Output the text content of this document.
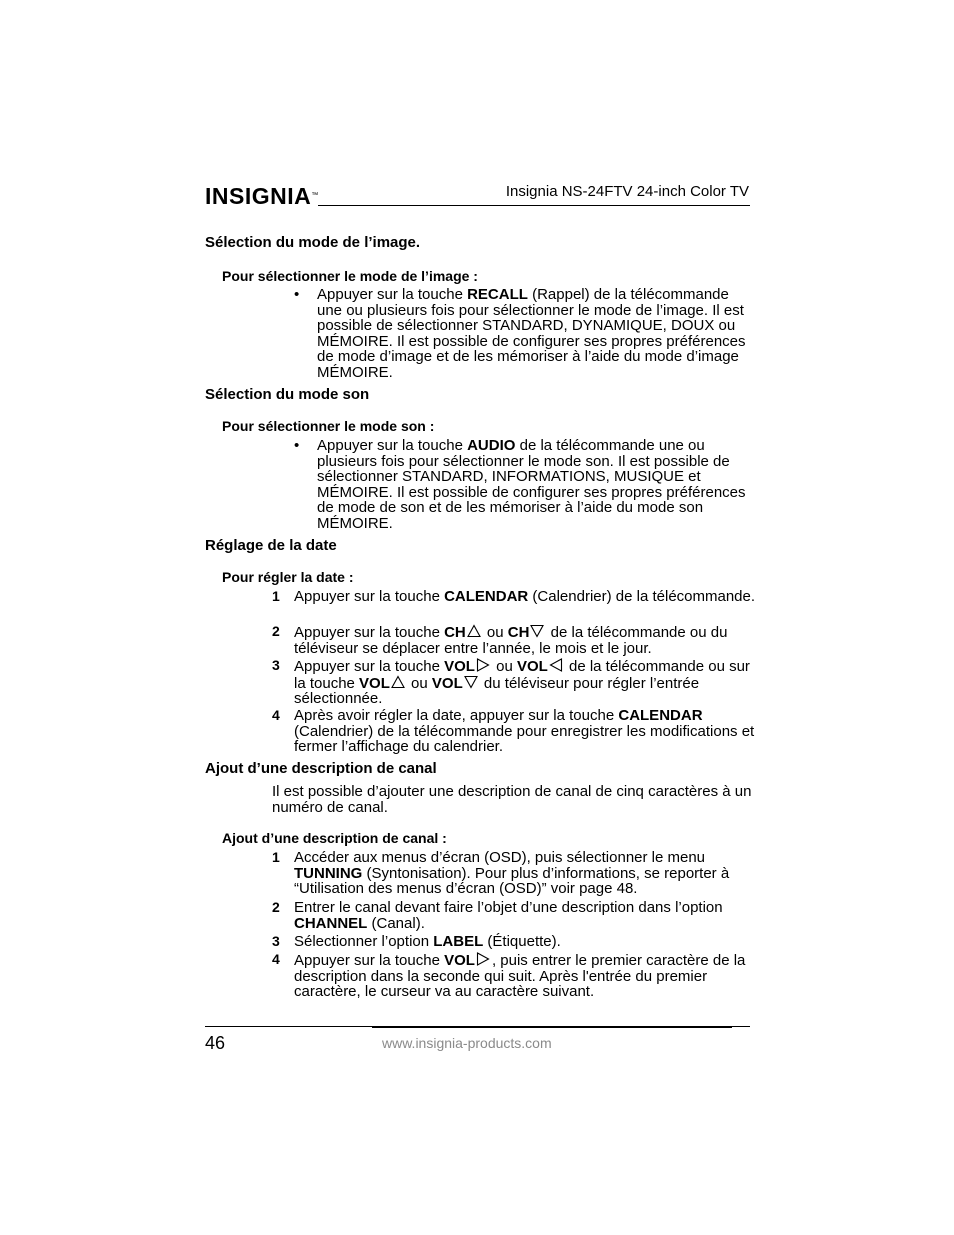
INSIGNIA™	Insignia NS-24FTV 24-inch Color TV
Sélection du mode de l’image.
Pour sélectionner le mode de l’image :
• Appuyer sur la touche RECALL (Rappel) de la télécommande une ou plusieurs fois pour sélectionner le mode de l’image. Il est possible de sélectionner STANDARD, DYNAMIQUE, DOUX ou MÉMOIRE. Il est possible de configurer ses propres préférences de mode d’image et de les mémoriser à l’aide du mode d’image MÉMOIRE.
Sélection du mode son
Pour sélectionner le mode son :
• Appuyer sur la touche AUDIO de la télécommande une ou plusieurs fois pour sélectionner le mode son. Il est possible de sélectionner STANDARD, INFORMATIONS, MUSIQUE et MÉMOIRE. Il est possible de configurer ses propres préférences de mode de son et de les mémoriser à l’aide du mode son MÉMOIRE.
Réglage de la date
Pour régler la date :
1 Appuyer sur la touche CALENDAR (Calendrier) de la télécommande.
2 Appuyer sur la touche CH
ou CH
de la télécommande ou du téléviseur se déplacer entre l’année, le mois et le jour.
3 Appuyer sur la touche VOL
ou VOL
de la télécommande ou sur la touche VOL
ou VOL
du téléviseur pour régler l’entrée sélectionnée.
4 Après avoir régler la date, appuyer sur la touche CALENDAR (Calendrier) de la télécommande pour enregistrer les modifications et fermer l’affichage du calendrier.
Ajout d’une description de canal
Il est possible d’ajouter une description de canal de cinq caractères à un numéro de canal.
Ajout d’une description de canal :
1 Accéder aux menus d’écran (OSD), puis sélectionner le menu TUNNING (Syntonisation). Pour plus d’informations, se reporter à “Utilisation des menus d’écran (OSD)” voir page 48.
2 Entrer le canal devant faire l’objet d’une description dans l’option CHANNEL (Canal).
3 Sélectionner l’option LABEL (Étiquette).
4 Appuyer sur la touche VOL , puis entrer le premier caractère de la description dans la seconde qui suit. Après l'entrée du premier caractère, le curseur va au caractère suivant.
46	www.insignia-products.com
